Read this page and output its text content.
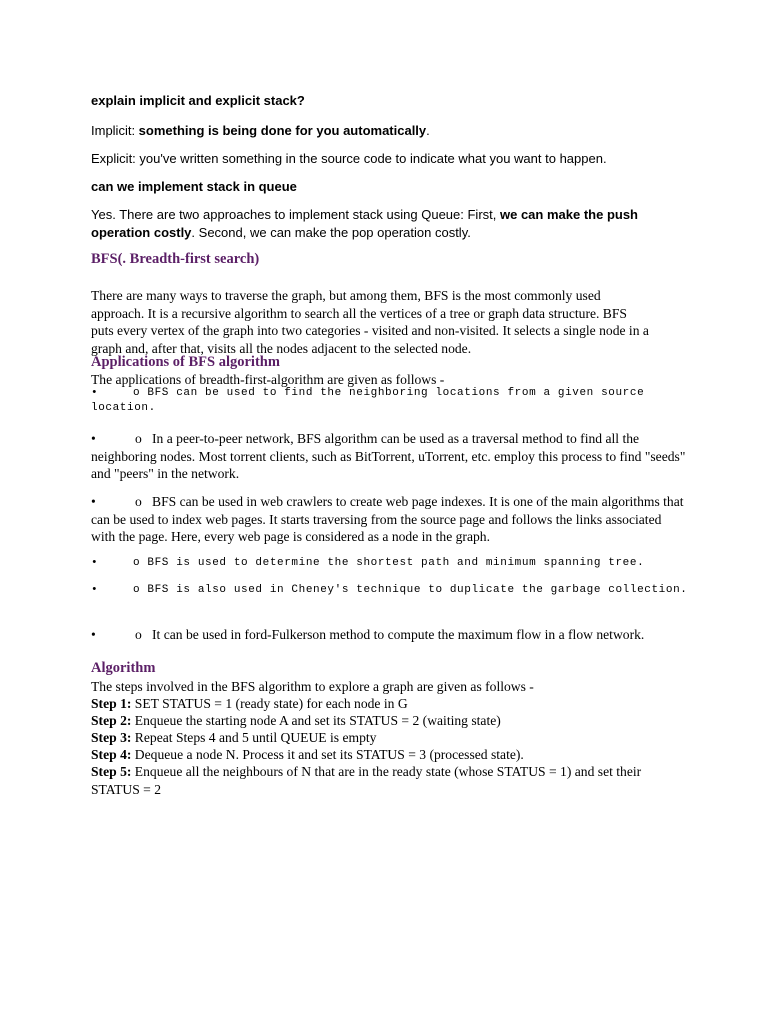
explain implicit and explicit stack?
Implicit: something is being done for you automatically.
Explicit: you've written something in the source code to indicate what you want to happen.
can we implement stack in queue
Yes. There are two approaches to implement stack using Queue: First, we can make the push operation costly. Second, we can make the pop operation costly.
BFS(. Breadth-first search)
There are many ways to traverse the graph, but among them, BFS is the most commonly used approach. It is a recursive algorithm to search all the vertices of a tree or graph data structure. BFS puts every vertex of the graph into two categories - visited and non-visited. It selects a single node in a graph and, after that, visits all the nodes adjacent to the selected node.
Applications of BFS algorithm
The applications of breadth-first-algorithm are given as follows -
•	o BFS can be used to find the neighboring locations from a given source location.
•	o In a peer-to-peer network, BFS algorithm can be used as a traversal method to find all the neighboring nodes. Most torrent clients, such as BitTorrent, uTorrent, etc. employ this process to find "seeds" and "peers" in the network.
•	o BFS can be used in web crawlers to create web page indexes. It is one of the main algorithms that can be used to index web pages. It starts traversing from the source page and follows the links associated with the page. Here, every web page is considered as a node in the graph.
•	o BFS is used to determine the shortest path and minimum spanning tree.
•	o BFS is also used in Cheney's technique to duplicate the garbage collection.
•	o It can be used in ford-Fulkerson method to compute the maximum flow in a flow network.
Algorithm
The steps involved in the BFS algorithm to explore a graph are given as follows -
Step 1: SET STATUS = 1 (ready state) for each node in G
Step 2: Enqueue the starting node A and set its STATUS = 2 (waiting state)
Step 3: Repeat Steps 4 and 5 until QUEUE is empty
Step 4: Dequeue a node N. Process it and set its STATUS = 3 (processed state).
Step 5: Enqueue all the neighbours of N that are in the ready state (whose STATUS = 1) and set their STATUS = 2
